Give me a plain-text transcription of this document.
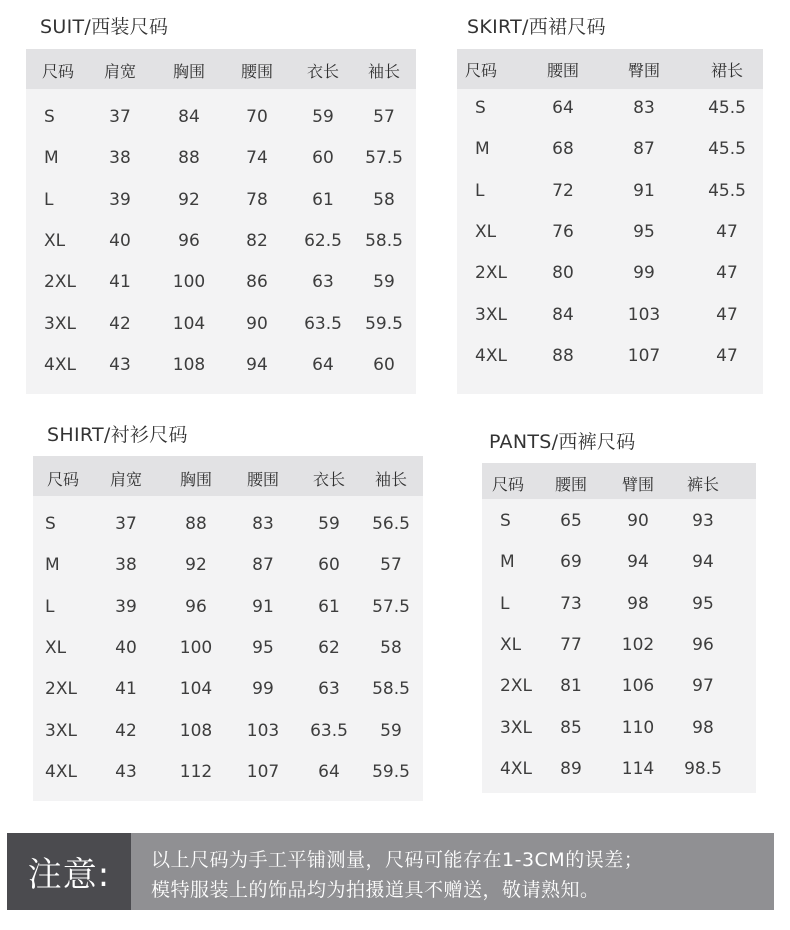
SUIT/西装尺码
尺码 肩宽 胸围 腰围 衣长 袖长
S	37	84	70	59 57
M	38	88	74	60 57.5
L	39	92	78	61 58
XL	40	96	82 62.5 58.5
2XL 41 100 86	63 59
3XL 42 104 90 63.5 59.5
4XL 43 108 94	64 60
SKIRT/西裙尺码
尺码	腰围	臀围	裙长
S	64	83	45.5
M	68	87	45.5
L	72	91	45.5
XL	76	95	47
2XL	80	99	47
3XL	84	103	47
4XL	88	107	47
SHIRT/衬衫尺码
尺码 肩宽 胸围 腰围 衣长 袖长
S	37	88	83	59 56.5
M	38	92	87	60 57
L	39	96	91	61 57.5
XL	40	100 95	62 58
2XL 41	104 99	63 58.5
3XL 42	108 103 63.5 59
4XL 43	112 107 64 59.5
PANTS/西裤尺码
尺码 腰围 臂围 裤长
S	65	90	93
M	69	94	94
L	73	98	95
XL 77 102 96
2XL 81 106 97
3XL 85 110 98
4XL 89 114 98.5
注意:	以上尺码为手工平铺测量，尺码可能存在1-3CM的误差；
模特服装上的饰品均为拍摄道具不赠送，敬请熟知。
